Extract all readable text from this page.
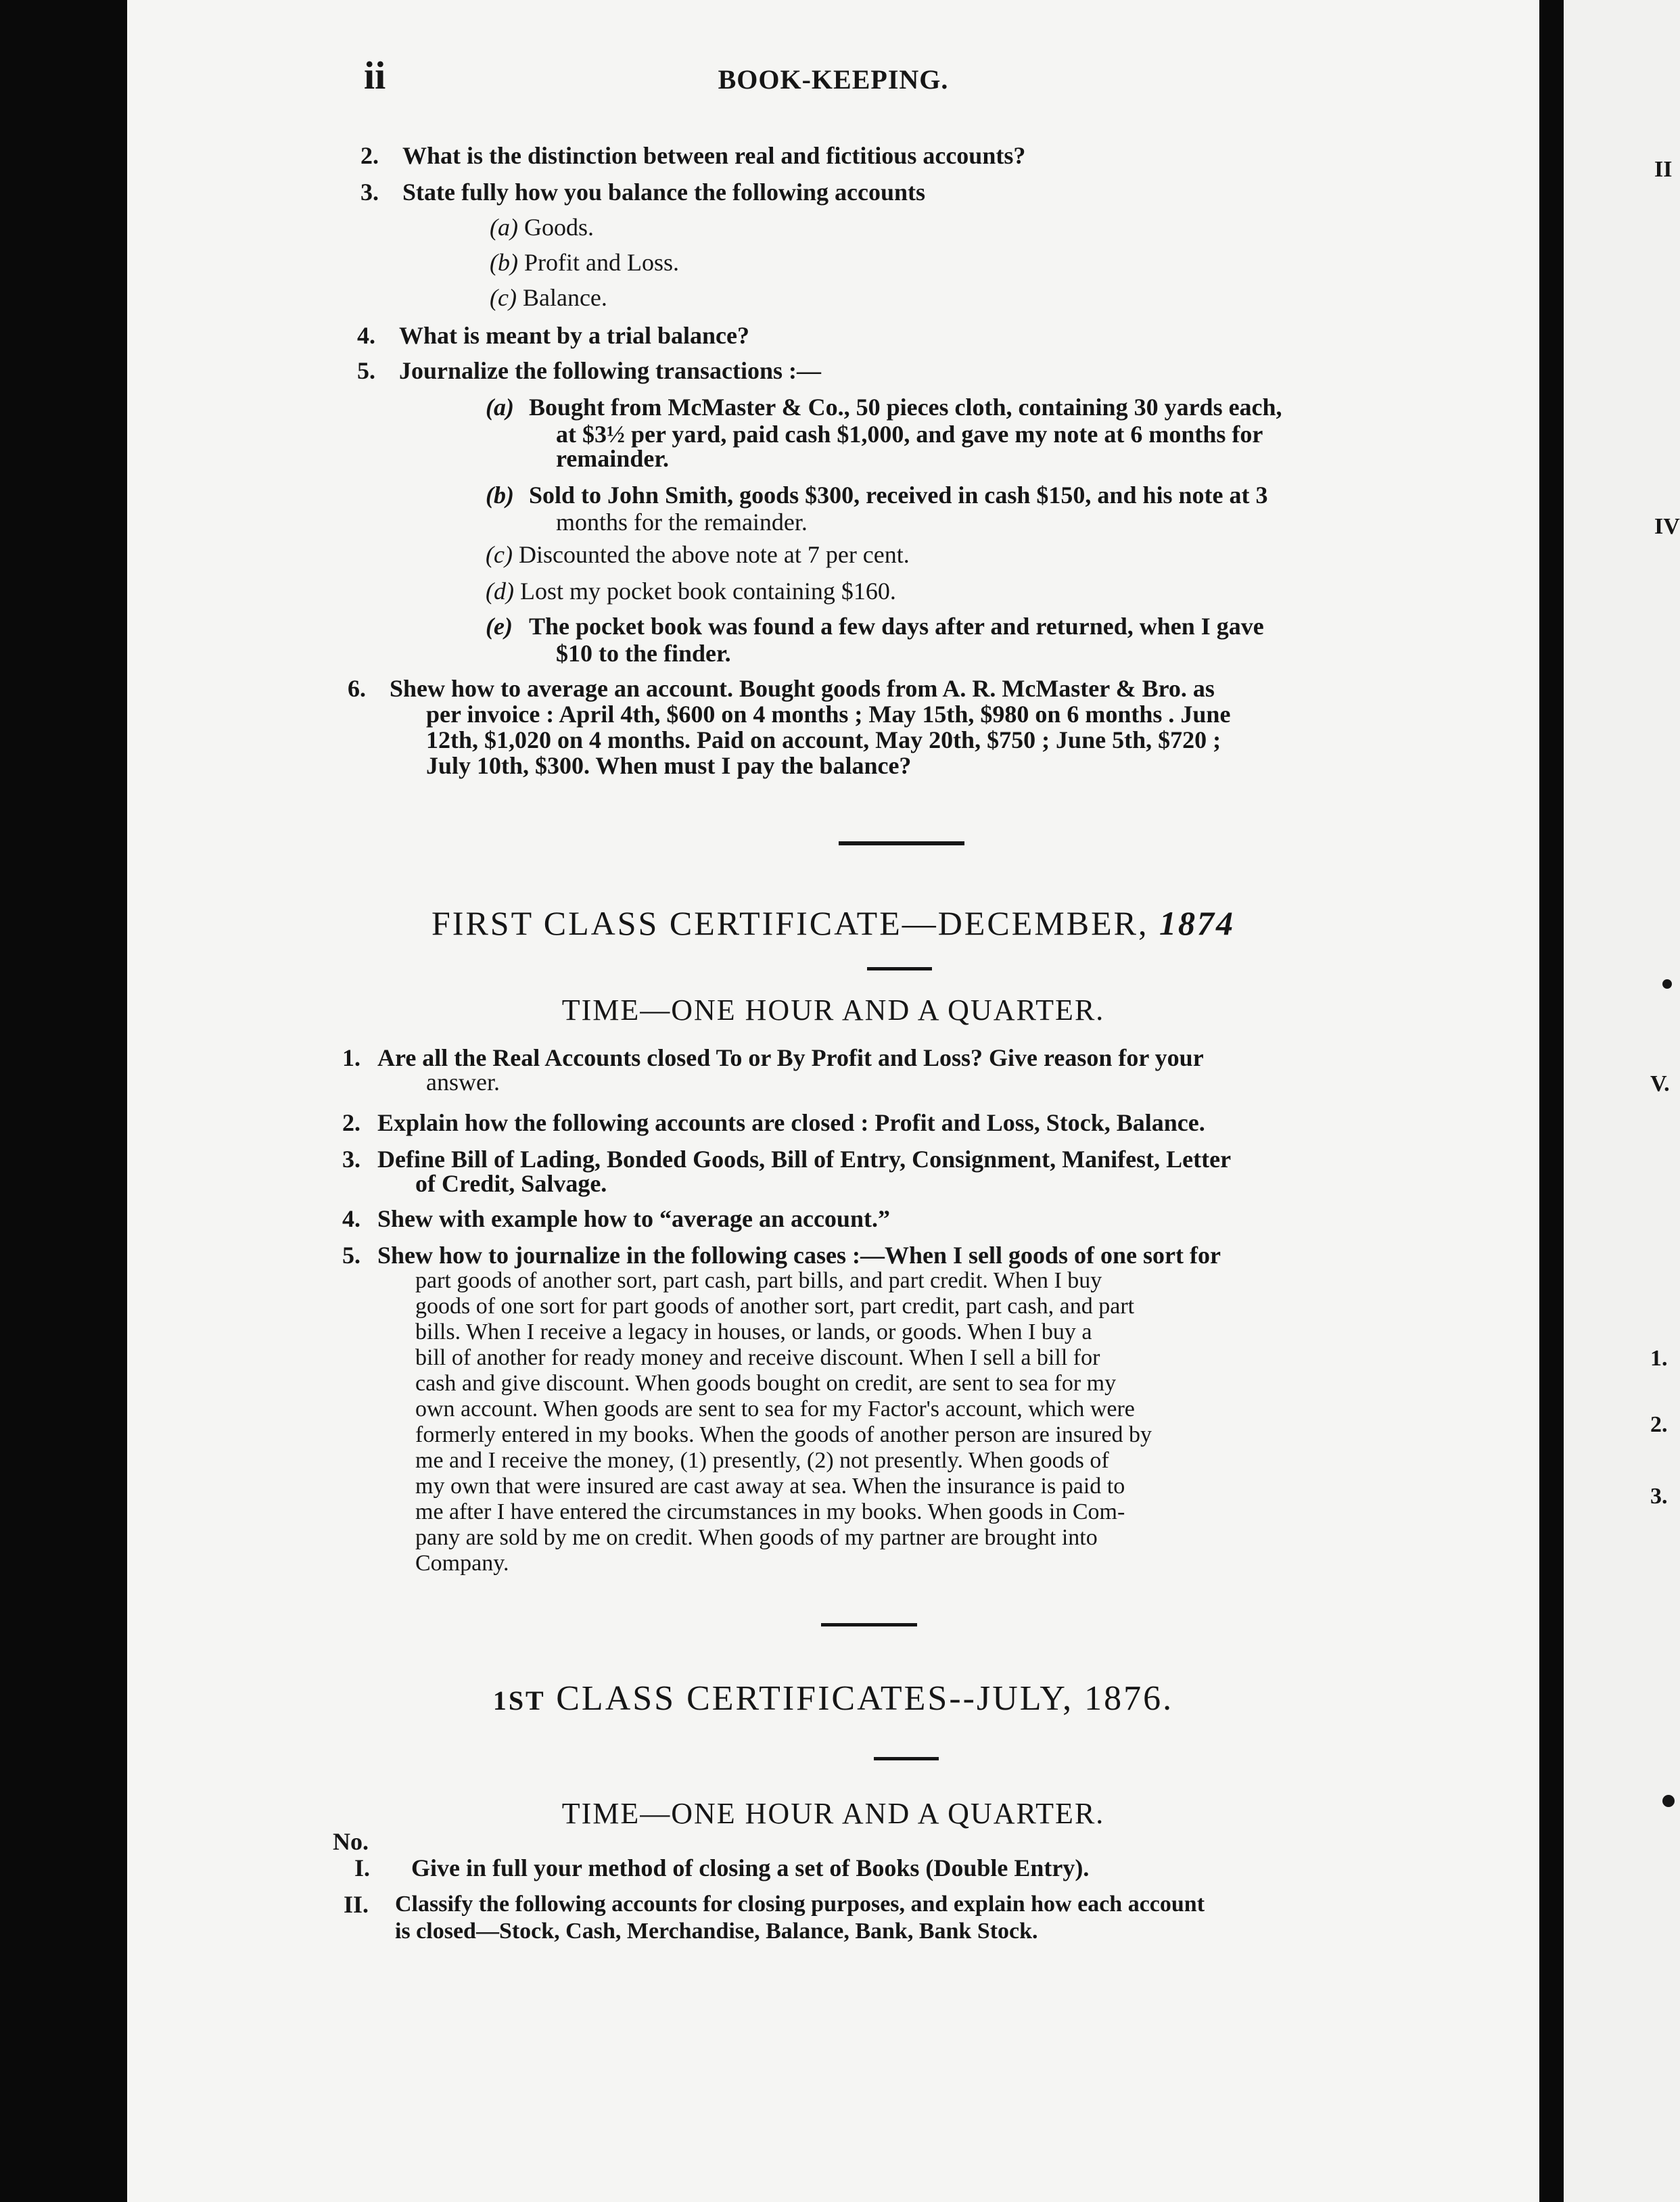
ii	BOOK-KEEPING.
2. What is the distinction between real and fictitious accounts?
3. State fully how you balance the following accounts
(a) Goods.
(b) Profit and Loss.
(c) Balance.
4. What is meant by a trial balance?
5. Journalize the following transactions :—
(a) Bought from McMaster & Co., 50 pieces cloth, containing 30 yards each,
at $3½ per yard, paid cash $1,000, and gave my note at 6 months for
remainder.
(b) Sold to John Smith, goods $300, received in cash $150, and his note at 3
months for the remainder.
(c) Discounted the above note at 7 per cent.
(d) Lost my pocket book containing $160.
(e) The pocket book was found a few days after and returned, when I gave
$10 to the finder.
6. Shew how to average an account. Bought goods from A. R. McMaster & Bro. as
per invoice : April 4th, $600 on 4 months ; May 15th, $980 on 6 months . June
12th, $1,020 on 4 months. Paid on account, May 20th, $750 ; June 5th, $720 ;
July 10th, $300. When must I pay the balance?
FIRST CLASS CERTIFICATE—DECEMBER, 1874
TIME—ONE HOUR AND A QUARTER.
1. Are all the Real Accounts closed To or By Profit and Loss? Give reason for your
answer.
2. Explain how the following accounts are closed : Profit and Loss, Stock, Balance.
3. Define Bill of Lading, Bonded Goods, Bill of Entry, Consignment, Manifest, Letter
of Credit, Salvage.
4. Shew with example how to “average an account.”
5. Shew how to journalize in the following cases :—When I sell goods of one sort for
part goods of another sort, part cash, part bills, and part credit. When I buy
goods of one sort for part goods of another sort, part credit, part cash, and part
bills. When I receive a legacy in houses, or lands, or goods. When I buy a
bill of another for ready money and receive discount. When I sell a bill for
cash and give discount. When goods bought on credit, are sent to sea for my
own account. When goods are sent to sea for my Factor's account, which were
formerly entered in my books. When the goods of another person are insured by
me and I receive the money, (1) presently, (2) not presently. When goods of
my own that were insured are cast away at sea. When the insurance is paid to
me after I have entered the circumstances in my books. When goods in Com-
pany are sold by me on credit. When goods of my partner are brought into
Company.
1ST CLASS CERTIFICATES--JULY, 1876.
TIME—ONE HOUR AND A QUARTER.
No.
I. Give in full your method of closing a set of Books (Double Entry).
II. Classify the following accounts for closing purposes, and explain how each account
is closed—Stock, Cash, Merchandise, Balance, Bank, Bank Stock.
II
IV
V.
1.
2.
3.
